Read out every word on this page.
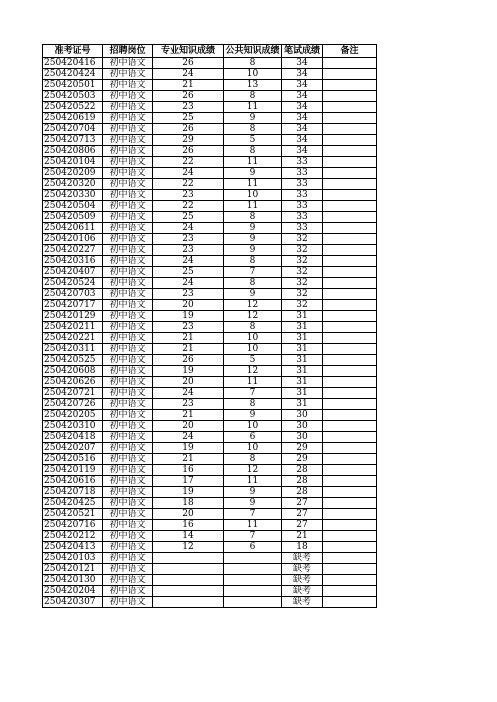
准考证号	招聘岗位	专业知识成绩	公共知识成绩	笔试成绩	备注
250420416	初中语文	26	8	34	
250420424	初中语文	24	10	34	
250420501	初中语文	21	13	34	
250420503	初中语文	26	8	34	
250420522	初中语文	23	11	34	
250420619	初中语文	25	9	34	
250420704	初中语文	26	8	34	
250420713	初中语文	29	5	34	
250420806	初中语文	26	8	34	
250420104	初中语文	22	11	33	
250420209	初中语文	24	9	33	
250420320	初中语文	22	11	33	
250420330	初中语文	23	10	33	
250420504	初中语文	22	11	33	
250420509	初中语文	25	8	33	
250420611	初中语文	24	9	33	
250420106	初中语文	23	9	32	
250420227	初中语文	23	9	32	
250420316	初中语文	24	8	32	
250420407	初中语文	25	7	32	
250420524	初中语文	24	8	32	
250420703	初中语文	23	9	32	
250420717	初中语文	20	12	32	
250420129	初中语文	19	12	31	
250420211	初中语文	23	8	31	
250420221	初中语文	21	10	31	
250420311	初中语文	21	10	31	
250420525	初中语文	26	5	31	
250420608	初中语文	19	12	31	
250420626	初中语文	20	11	31	
250420721	初中语文	24	7	31	
250420726	初中语文	23	8	31	
250420205	初中语文	21	9	30	
250420310	初中语文	20	10	30	
250420418	初中语文	24	6	30	
250420207	初中语文	19	10	29	
250420516	初中语文	21	8	29	
250420119	初中语文	16	12	28	
250420616	初中语文	17	11	28	
250420718	初中语文	19	9	28	
250420425	初中语文	18	9	27	
250420521	初中语文	20	7	27	
250420716	初中语文	16	11	27	
250420212	初中语文	14	7	21	
250420413	初中语文	12	6	18	
250420103	初中语文			缺考	
250420121	初中语文			缺考	
250420130	初中语文			缺考	
250420204	初中语文			缺考	
250420307	初中语文			缺考	
